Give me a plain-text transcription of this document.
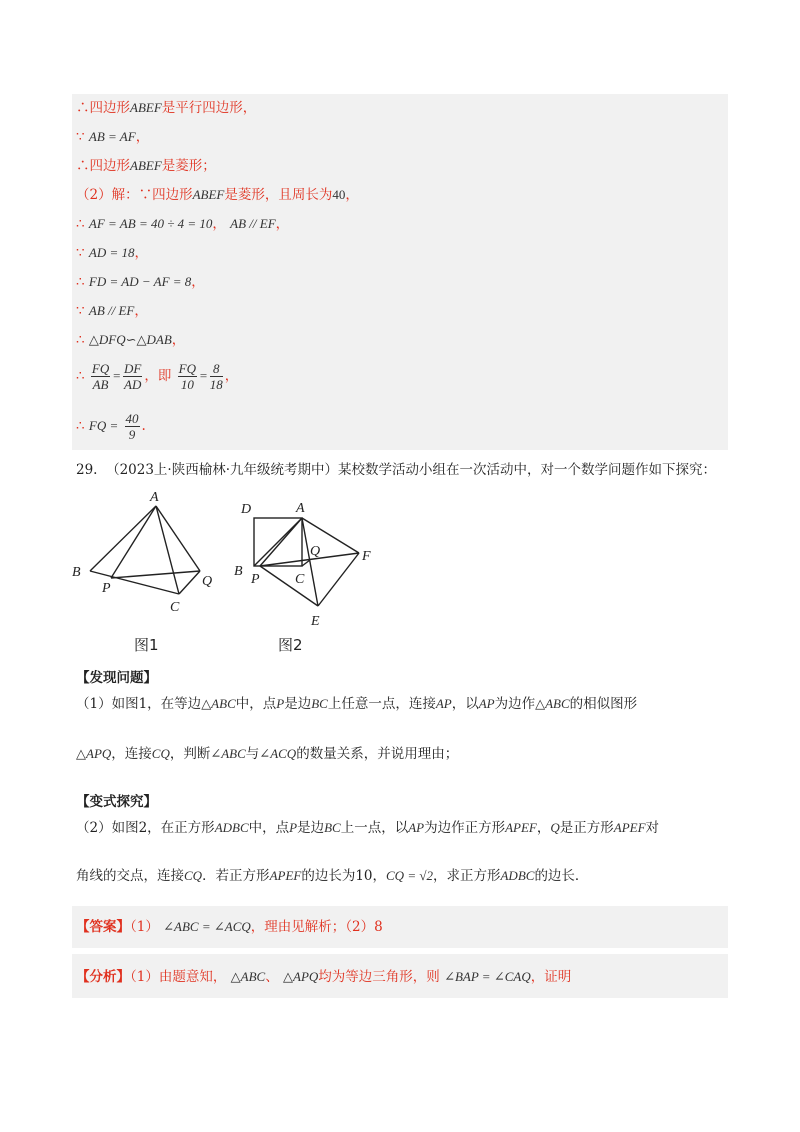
∴四边形ABEF是平行四边形，
∵ AB = AF，
∴四边形ABEF是菱形；
（2）解：∵四边形ABEF是菱形，且周长为40，
∴ AF = AB = 40 ÷ 4 = 10， AB // EF，
∵ AD = 18，
∴ FD = AD − AF = 8，
∵ AB // EF，
∴ △DFQ∽△DAB，
∴ $\frac{FQ}{AB} = \frac{DF}{AD}$ ，即 $\frac{FQ}{10} = \frac{8}{18}$ ，
∴ FQ = $\frac{40}{9}$ .
29. （2023上·陕西榆林·九年级统考期中）某校数学活动小组在一次活动中，对一个数学问题作如下探究：
A
B
P
C
Q
图1
D	A
Q	F
B
P	C
E
图2
【发现问题】
（1）如图1，在等边△ABC中，点P是边BC上任意一点，连接AP，以AP为边作△ABC的相似图形
△APQ，连接CQ，判断∠ABC与∠ACQ的数量关系，并说用理由；
【变式探究】
（2）如图2，在正方形ADBC中，点P是边BC上一点，以AP为边作正方形APEF，Q是正方形APEF对
角线的交点，连接CQ．若正方形APEF的边长为10，CQ = √2，求正方形ADBC的边长．
【答案】（1） ∠ABC = ∠ACQ，理由见解析；（2）8
【分析】（1）由题意知， △ABC、 △APQ均为等边三角形，则 ∠BAP = ∠CAQ，证明
